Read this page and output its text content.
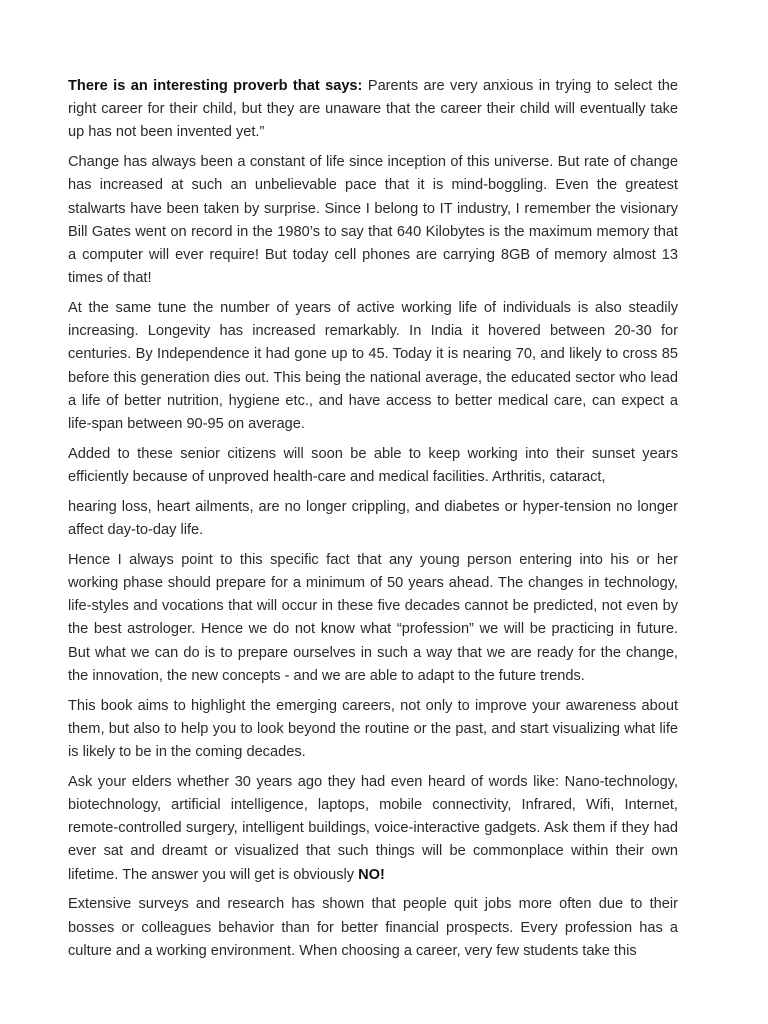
There is an interesting proverb that says: Parents are very anxious in trying to select the right career for their child, but they are unaware that the career their child will eventually take up has not been invented yet.”

Change has always been a constant of life since inception of this universe. But rate of change has increased at such an unbelievable pace that it is mind-boggling. Even the greatest stalwarts have been taken by surprise. Since I belong to IT industry, I remember the visionary Bill Gates went on record in the 1980’s to say that 640 Kilobytes is the maximum memory that a computer will ever require! But today cell phones are carrying 8GB of memory almost 13 times of that!

At the same tune the number of years of active working life of individuals is also steadily increasing. Longevity has increased remarkably. In India it hovered between 20-30 for centuries. By Independence it had gone up to 45. Today it is nearing 70, and likely to cross 85 before this generation dies out. This being the national average, the educated sector who lead a life of better nutrition, hygiene etc., and have access to better medical care, can expect a life-span between 90-95 on average.

Added to these senior citizens will soon be able to keep working into their sunset years efficiently because of unproved health-care and medical facilities. Arthritis, cataract,

hearing loss, heart ailments, are no longer crippling, and diabetes or hyper-tension no longer affect day-to-day life.

Hence I always point to this specific fact that any young person entering into his or her working phase should prepare for a minimum of 50 years ahead. The changes in technology, life-styles and vocations that will occur in these five decades cannot be predicted, not even by the best astrologer. Hence we do not know what “profession” we will be practicing in future. But what we can do is to prepare ourselves in such a way that we are ready for the change, the innovation, the new concepts - and we are able to adapt to the future trends.

This book aims to highlight the emerging careers, not only to improve your awareness about them, but also to help you to look beyond the routine or the past, and start visualizing what life is likely to be in the coming decades.

Ask your elders whether 30 years ago they had even heard of words like: Nano-technology, biotechnology, artificial intelligence, laptops, mobile connectivity, Infrared, Wifi, Internet, remote-controlled surgery, intelligent buildings, voice-interactive gadgets. Ask them if they had ever sat and dreamt or visualized that such things will be commonplace within their own lifetime. The answer you will get is obviously NO!

Extensive surveys and research has shown that people quit jobs more often due to their bosses or colleagues behavior than for better financial prospects. Every profession has a culture and a working environment. When choosing a career, very few students take this
